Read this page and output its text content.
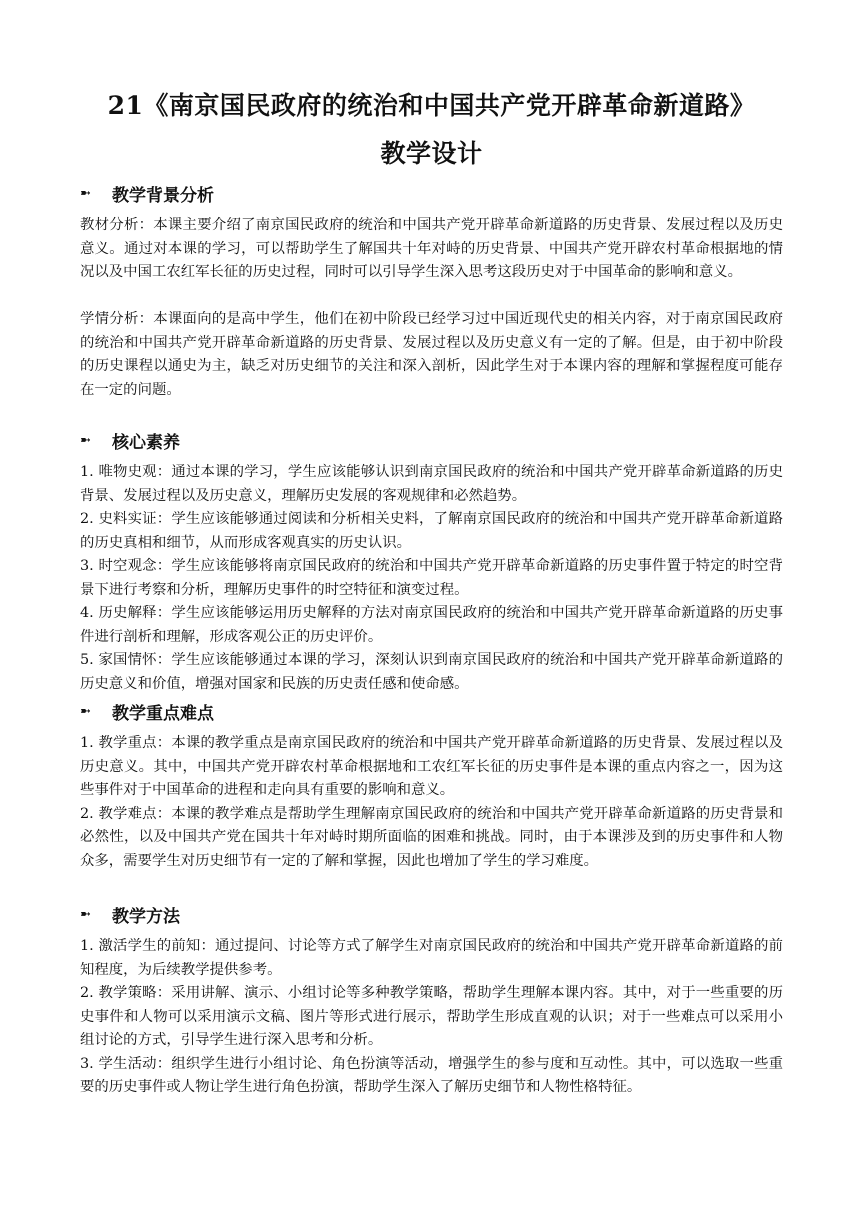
21《南京国民政府的统治和中国共产党开辟革命新道路》
教学设计
➼	教学背景分析

教材分析：本课主要介绍了南京国民政府的统治和中国共产党开辟革命新道路的历史背景、发展过程以及历史意义。通过对本课的学习，可以帮助学生了解国共十年对峙的历史背景、中国共产党开辟农村革命根据地的情况以及中国工农红军长征的历史过程，同时可以引导学生深入思考这段历史对于中国革命的影响和意义。

学情分析：本课面向的是高中学生，他们在初中阶段已经学习过中国近现代史的相关内容，对于南京国民政府的统治和中国共产党开辟革命新道路的历史背景、发展过程以及历史意义有一定的了解。但是，由于初中阶段的历史课程以通史为主，缺乏对历史细节的关注和深入剖析，因此学生对于本课内容的理解和掌握程度可能存在一定的问题。

➼	核心素养

1. 唯物史观：通过本课的学习，学生应该能够认识到南京国民政府的统治和中国共产党开辟革命新道路的历史背景、发展过程以及历史意义，理解历史发展的客观规律和必然趋势。

2. 史料实证：学生应该能够通过阅读和分析相关史料，了解南京国民政府的统治和中国共产党开辟革命新道路的历史真相和细节，从而形成客观真实的历史认识。

3. 时空观念：学生应该能够将南京国民政府的统治和中国共产党开辟革命新道路的历史事件置于特定的时空背景下进行考察和分析，理解历史事件的时空特征和演变过程。

4. 历史解释：学生应该能够运用历史解释的方法对南京国民政府的统治和中国共产党开辟革命新道路的历史事件进行剖析和理解，形成客观公正的历史评价。

5. 家国情怀：学生应该能够通过本课的学习，深刻认识到南京国民政府的统治和中国共产党开辟革命新道路的历史意义和价值，增强对国家和民族的历史责任感和使命感。

➼	教学重点难点

1. 教学重点：本课的教学重点是南京国民政府的统治和中国共产党开辟革命新道路的历史背景、发展过程以及历史意义。其中，中国共产党开辟农村革命根据地和工农红军长征的历史事件是本课的重点内容之一，因为这些事件对于中国革命的进程和走向具有重要的影响和意义。

2. 教学难点：本课的教学难点是帮助学生理解南京国民政府的统治和中国共产党开辟革命新道路的历史背景和必然性，以及中国共产党在国共十年对峙时期所面临的困难和挑战。同时，由于本课涉及到的历史事件和人物众多，需要学生对历史细节有一定的了解和掌握，因此也增加了学生的学习难度。

➼	教学方法

1. 激活学生的前知：通过提问、讨论等方式了解学生对南京国民政府的统治和中国共产党开辟革命新道路的前知程度，为后续教学提供参考。

2. 教学策略：采用讲解、演示、小组讨论等多种教学策略，帮助学生理解本课内容。其中，对于一些重要的历史事件和人物可以采用演示文稿、图片等形式进行展示，帮助学生形成直观的认识；对于一些难点可以采用小组讨论的方式，引导学生进行深入思考和分析。

3. 学生活动：组织学生进行小组讨论、角色扮演等活动，增强学生的参与度和互动性。其中，可以选取一些重要的历史事件或人物让学生进行角色扮演，帮助学生深入了解历史细节和人物性格特征。
